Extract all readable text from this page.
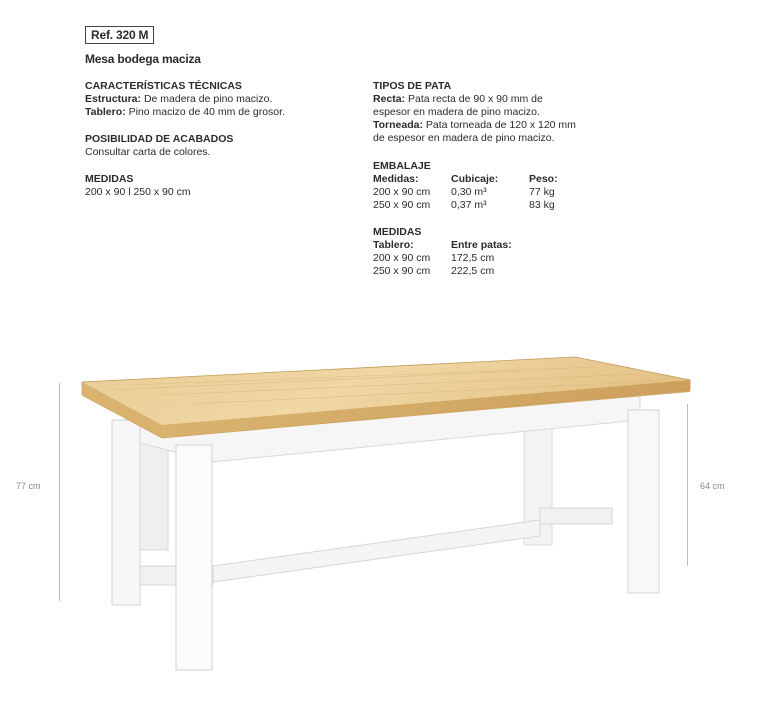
Ref. 320 M
Mesa bodega maciza
CARACTERÍSTICAS TÉCNICAS
Estructura: De madera de pino macizo.
Tablero: Pino macizo de 40 mm de grosor.
POSIBILIDAD DE ACABADOS
Consultar carta de colores.
MEDIDAS
200 x 90 l 250 x 90 cm
TIPOS DE PATA
Recta: Pata recta de 90 x 90 mm de
espesor en madera de pino macizo.
Torneada: Pata torneada de 120 x 120 mm
de espesor en madera de pino macizo.
EMBALAJE
Medidas:
200 x 90 cm
250 x 90 cm
Cubicaje:
0,30 m³
0,37 m³
Peso:
77 kg
83 kg
MEDIDAS
Tablero:
200 x 90 cm
250 x 90 cm
Entre patas:
172,5 cm
222,5 cm
77 cm	64 cm
